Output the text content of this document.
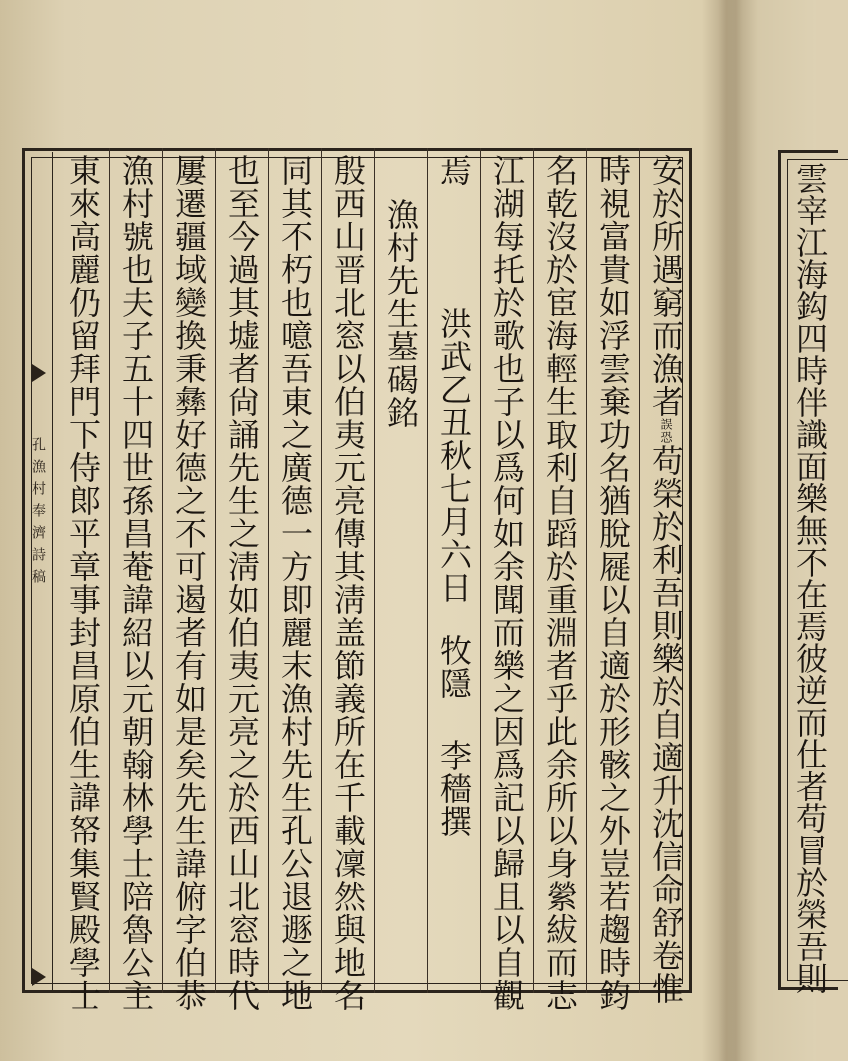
孔漁村奉濟詩稿
安於所遇窮而漁者誤恐苟榮於利吾則樂於自適升沈信命舒卷惟
時視富貴如浮雲棄功名猶脫屣以自適於形骸之外豈若趨時鈞
名乾沒於宦海輕生取利自蹈於重淵者乎此余所以身縈紱而志
江湖每托於歌也子以爲何如余聞而樂之因爲記以歸且以自觀
焉洪武乙丑秋七月六日牧隱 李穡撰
漁村先生墓碣銘
殷西山晋北窓以伯夷元亮傳其淸盖節義所在千載凜然與地名
同其不朽也噫吾東之廣德一方即麗末漁村先生孔公退遯之地
也至今過其墟者尙誦先生之淸如伯夷元亮之於西山北窓時代
屢遷疆域變換秉彝好德之不可遏者有如是矣先生諱俯字伯恭
漁村號也夫子五十四世孫昌菴諱紹以元朝翰林學士陪魯公主
東來高麗仍留拜門下侍郞平章事封昌原伯生諱帑集賢殿學士	雲宰江海鈎四時伴識面樂無不在焉彼逆而仕者苟冒於榮吾則
